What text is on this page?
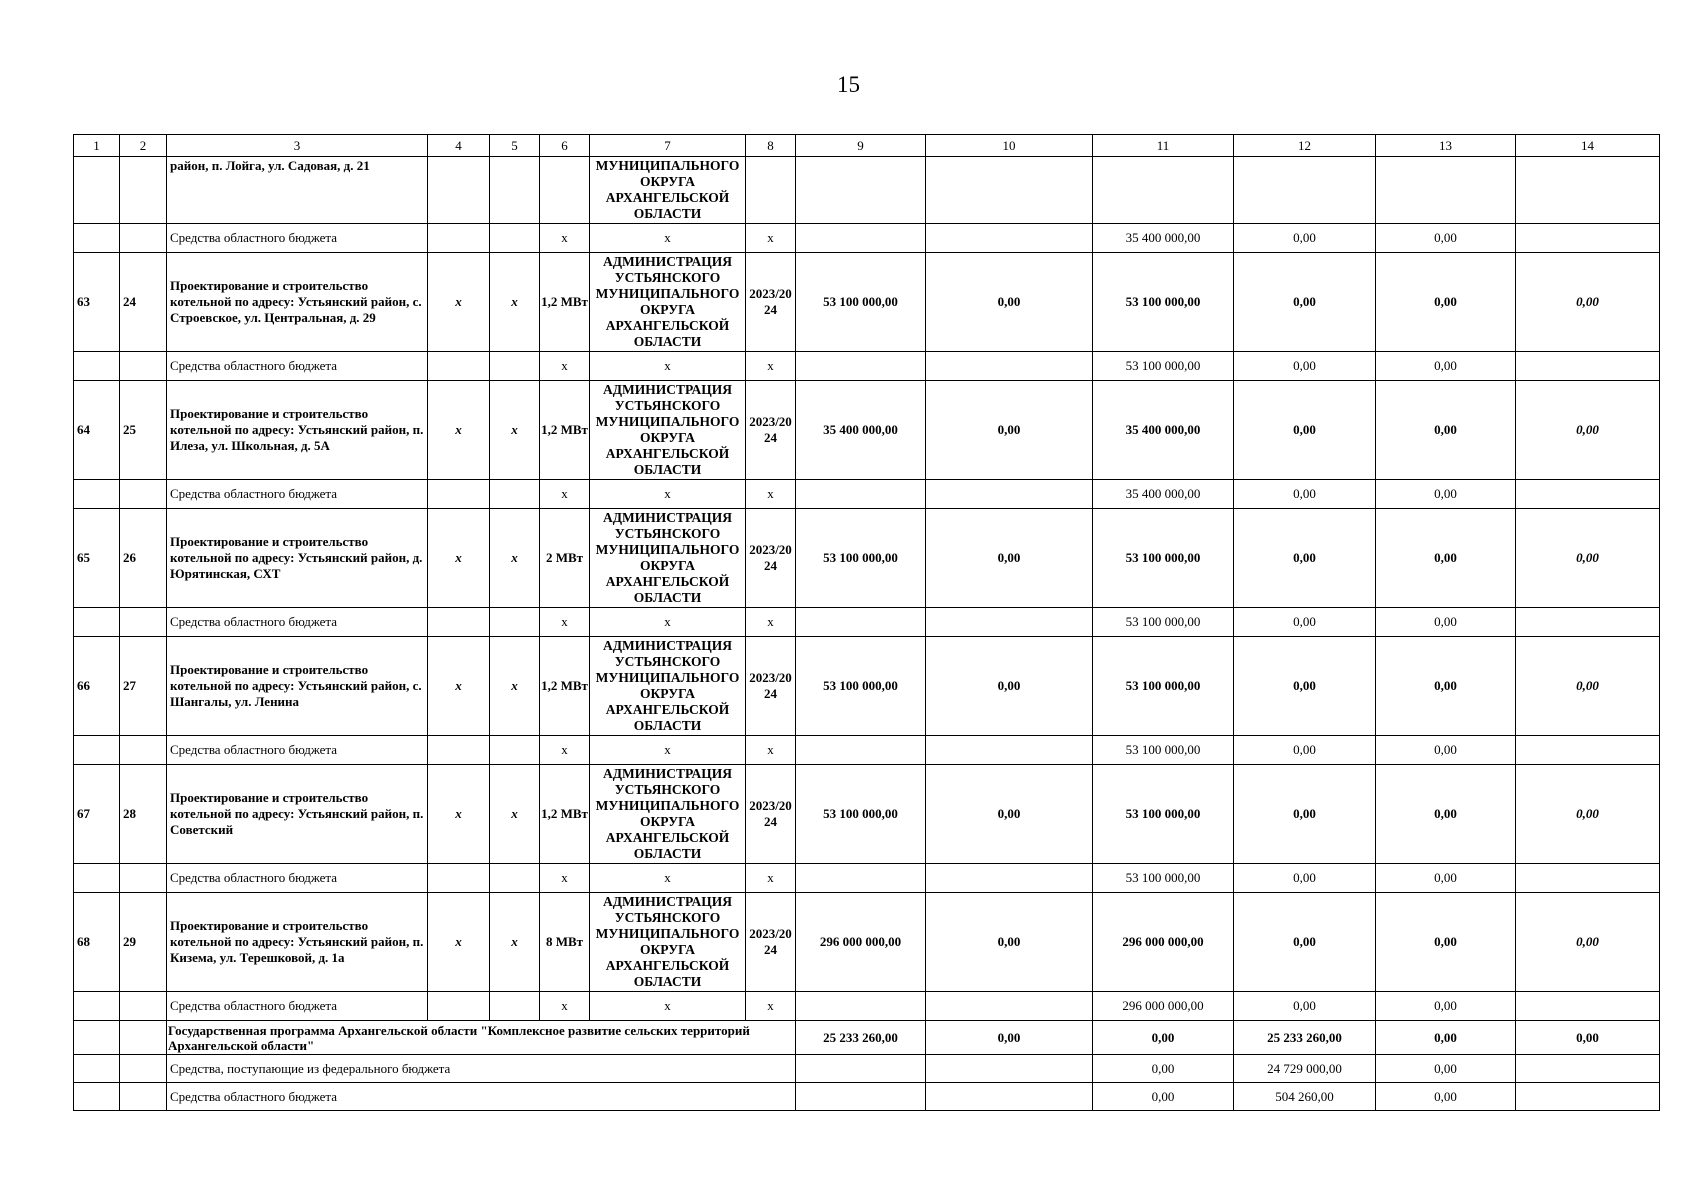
15
1	2	3	4	5	6	7	8	9	10	11	12	13	14
		район, п. Лойга, ул. Садовая, д. 21				МУНИЦИПАЛЬНОГО ОКРУГА АРХАНГЕЛЬСКОЙ ОБЛАСТИ							
		Средства областного бюджета			x	x	x			35 400 000,00	0,00	0,00	
63	24	Проектирование и строительство котельной по адресу: Устьянский район, с. Строевское, ул. Центральная, д. 29	x	x	1,2 МВт	АДМИНИСТРАЦИЯ УСТЬЯНСКОГО МУНИЦИПАЛЬНОГО ОКРУГА АРХАНГЕЛЬСКОЙ ОБЛАСТИ	2023/2024	53 100 000,00	0,00	53 100 000,00	0,00	0,00	0,00
		Средства областного бюджета			x	x	x			53 100 000,00	0,00	0,00	
64	25	Проектирование и строительство котельной по адресу: Устьянский район, п. Илеза, ул. Школьная, д. 5А	x	x	1,2 МВт	АДМИНИСТРАЦИЯ УСТЬЯНСКОГО МУНИЦИПАЛЬНОГО ОКРУГА АРХАНГЕЛЬСКОЙ ОБЛАСТИ	2023/2024	35 400 000,00	0,00	35 400 000,00	0,00	0,00	0,00
		Средства областного бюджета			x	x	x			35 400 000,00	0,00	0,00	
65	26	Проектирование и строительство котельной по адресу: Устьянский район, д. Юрятинская, СХТ	x	x	2 МВт	АДМИНИСТРАЦИЯ УСТЬЯНСКОГО МУНИЦИПАЛЬНОГО ОКРУГА АРХАНГЕЛЬСКОЙ ОБЛАСТИ	2023/2024	53 100 000,00	0,00	53 100 000,00	0,00	0,00	0,00
		Средства областного бюджета			x	x	x			53 100 000,00	0,00	0,00	
66	27	Проектирование и строительство котельной по адресу: Устьянский район, с. Шангалы, ул. Ленина	x	x	1,2 МВт	АДМИНИСТРАЦИЯ УСТЬЯНСКОГО МУНИЦИПАЛЬНОГО ОКРУГА АРХАНГЕЛЬСКОЙ ОБЛАСТИ	2023/2024	53 100 000,00	0,00	53 100 000,00	0,00	0,00	0,00
		Средства областного бюджета			x	x	x			53 100 000,00	0,00	0,00	
67	28	Проектирование и строительство котельной по адресу: Устьянский район, п. Советский	x	x	1,2 МВт	АДМИНИСТРАЦИЯ УСТЬЯНСКОГО МУНИЦИПАЛЬНОГО ОКРУГА АРХАНГЕЛЬСКОЙ ОБЛАСТИ	2023/2024	53 100 000,00	0,00	53 100 000,00	0,00	0,00	0,00
		Средства областного бюджета			x	x	x			53 100 000,00	0,00	0,00	
68	29	Проектирование и строительство котельной по адресу: Устьянский район, п. Кизема, ул. Терешковой, д. 1а	x	x	8 МВт	АДМИНИСТРАЦИЯ УСТЬЯНСКОГО МУНИЦИПАЛЬНОГО ОКРУГА АРХАНГЕЛЬСКОЙ ОБЛАСТИ	2023/2024	296 000 000,00	0,00	296 000 000,00	0,00	0,00	0,00
		Средства областного бюджета			x	x	x			296 000 000,00	0,00	0,00	
		Государственная программа Архангельской области "Комплексное развитие сельских территорий Архангельской области"						25 233 260,00	0,00	0,00	25 233 260,00	0,00	0,00
		Средства, поступающие из федерального бюджета								0,00	24 729 000,00	0,00	
		Средства областного бюджета								0,00	504 260,00	0,00	
